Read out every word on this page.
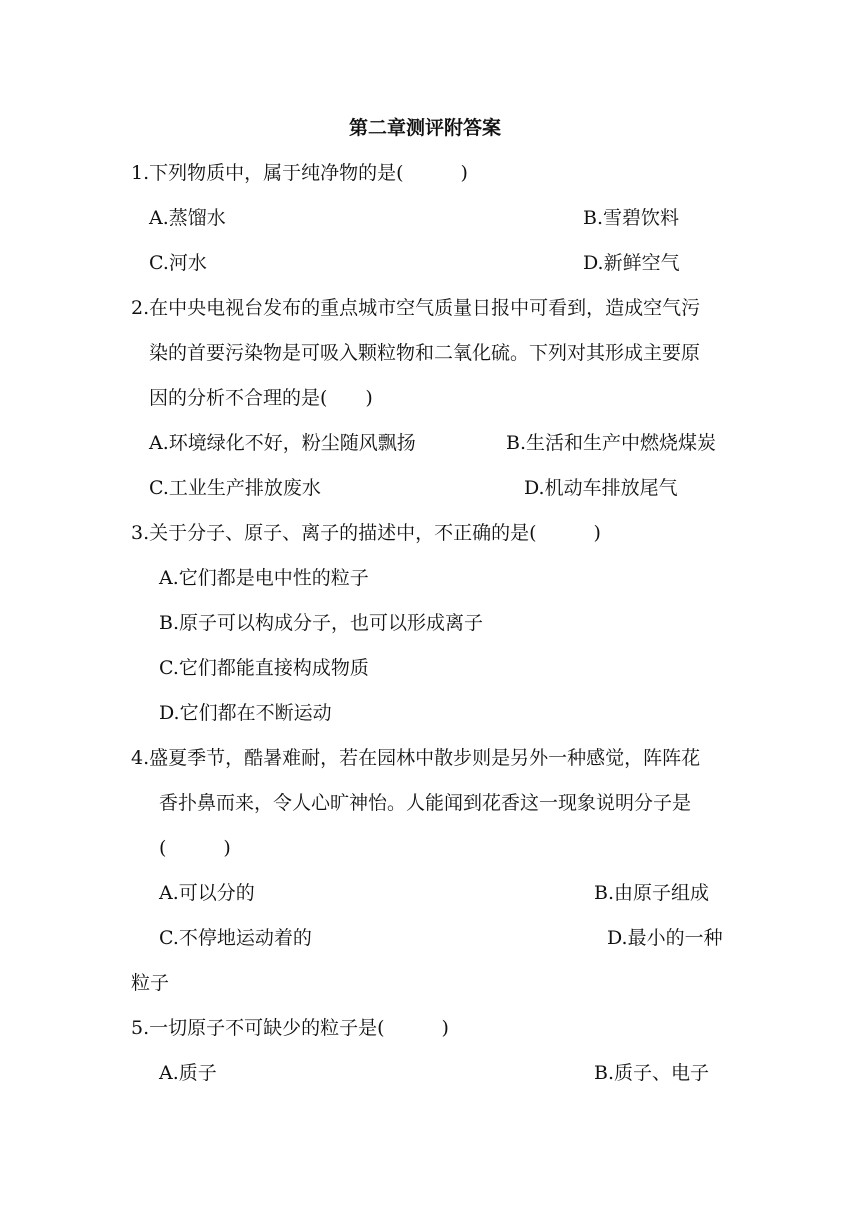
第二章测评附答案
1.下列物质中，属于纯净物的是(　　　)
A.蒸馏水	B.雪碧饮料
C.河水	D.新鲜空气
2.在中央电视台发布的重点城市空气质量日报中可看到，造成空气污
染的首要污染物是可吸入颗粒物和二氧化硫。下列对其形成主要原
因的分析不合理的是(　　)
A.环境绿化不好，粉尘随风飘扬	B.生活和生产中燃烧煤炭
C.工业生产排放废水	D.机动车排放尾气
3.关于分子、原子、离子的描述中，不正确的是(　　　)
A.它们都是电中性的粒子
B.原子可以构成分子，也可以形成离子
C.它们都能直接构成物质
D.它们都在不断运动
4.盛夏季节，酷暑难耐，若在园林中散步则是另外一种感觉，阵阵花
香扑鼻而来，令人心旷神怡。人能闻到花香这一现象说明分子是
(　　　)
A.可以分的	B.由原子组成
C.不停地运动着的	D.最小的一种
粒子
5.一切原子不可缺少的粒子是(　　　)
A.质子	B.质子、电子
